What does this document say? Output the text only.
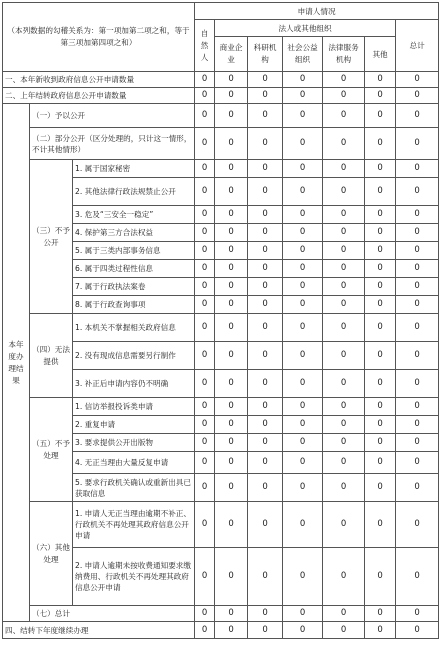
（本列数据的勾稽关系为：第一项加第二项之和，等于第三项加第四项之和）			申请人情况						
			自然人	法人或其他组织					总计
				商业企业	科研机构	社会公益组织	法律服务机构	其他	
一、本年新收到政府信息公开申请数量			0	0	0	0	0	0	0
二、上年结转政府信息公开申请数量			0	0	0	0	0	0	0
本年度办理结果	（一）予以公开		0	0	0	0	0	0	0
	（二）部分公开（区分处理的，只计这一情形，不计其他情形）		0	0	0	0	0	0	0
	（三）不予公开	1. 属于国家秘密	0	0	0	0	0	0	0
		2. 其他法律行政法规禁止公开	0	0	0	0	0	0	0
		3. 危及“三安全一稳定”	0	0	0	0	0	0	0
		4. 保护第三方合法权益	0	0	0	0	0	0	0
		5. 属于三类内部事务信息	0	0	0	0	0	0	0
		6. 属于四类过程性信息	0	0	0	0	0	0	0
		7. 属于行政执法案卷	0	0	0	0	0	0	0
		8. 属于行政查询事项	0	0	0	0	0	0	0
	（四）无法提供	1. 本机关不掌握相关政府信息	0	0	0	0	0	0	0
		2. 没有现成信息需要另行制作	0	0	0	0	0	0	0
		3. 补正后申请内容仍不明确	0	0	0	0	0	0	0
	（五）不予处理	1. 信访举报投诉类申请	0	0	0	0	0	0	0
		2. 重复申请	0	0	0	0	0	0	0
		3. 要求提供公开出版物	0	0	0	0	0	0	0
		4. 无正当理由大量反复申请	0	0	0	0	0	0	0
		5. 要求行政机关确认或重新出具已获取信息	0	0	0	0	0	0	0
	（六）其他处理	1. 申请人无正当理由逾期不补正、行政机关不再处理其政府信息公开申请	0	0	0	0	0	0	0
		2. 申请人逾期未按收费通知要求缴纳费用、行政机关不再处理其政府信息公开申请	0	0	0	0	0	0	0
	（七）总计		0	0	0	0	0	0	0
四、结转下年度继续办理			0	0	0	0	0	0	0
